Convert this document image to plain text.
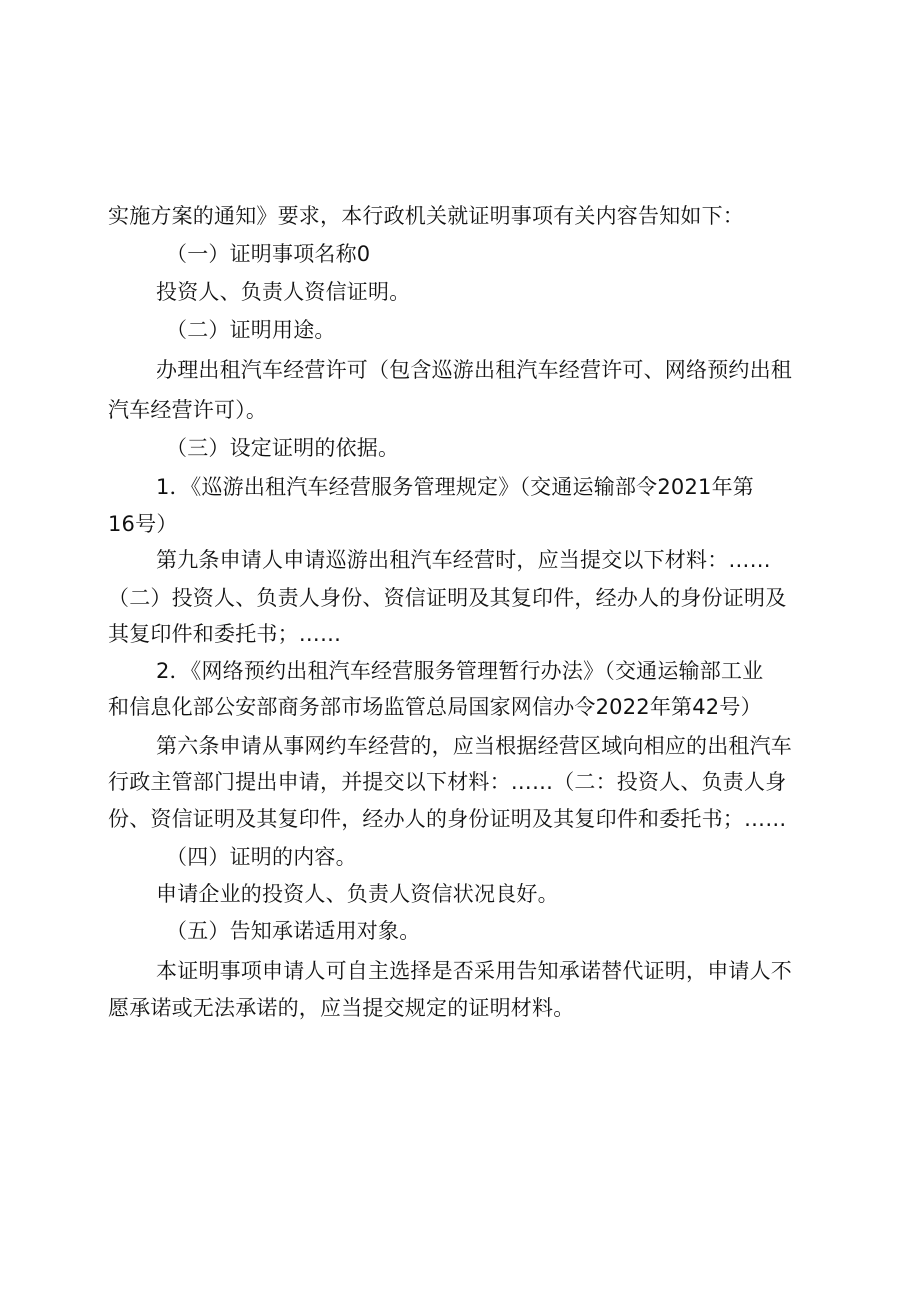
实施方案的通知》要求，本行政机关就证明事项有关内容告知如下：
（一）证明事项名称0
投资人、负责人资信证明。
（二）证明用途。
办理出租汽车经营许可（包含巡游出租汽车经营许可、网络预约出租
汽车经营许可）。
（三）设定证明的依据。
1．《巡游出租汽车经营服务管理规定》（交通运输部令2021年第
16号）
第九条申请人申请巡游出租汽车经营时，应当提交以下材料：……
（二）投资人、负责人身份、资信证明及其复印件，经办人的身份证明及
其复印件和委托书；……
2．《网络预约出租汽车经营服务管理暂行办法》（交通运输部工业
和信息化部公安部商务部市场监管总局国家网信办令2022年第42号）
第六条申请从事网约车经营的，应当根据经营区域向相应的出租汽车
行政主管部门提出申请，并提交以下材料：……（二：投资人、负责人身
份、资信证明及其复印件，经办人的身份证明及其复印件和委托书；……
（四）证明的内容。
申请企业的投资人、负责人资信状况良好。
（五）告知承诺适用对象。
本证明事项申请人可自主选择是否采用告知承诺替代证明，申请人不
愿承诺或无法承诺的，应当提交规定的证明材料。
